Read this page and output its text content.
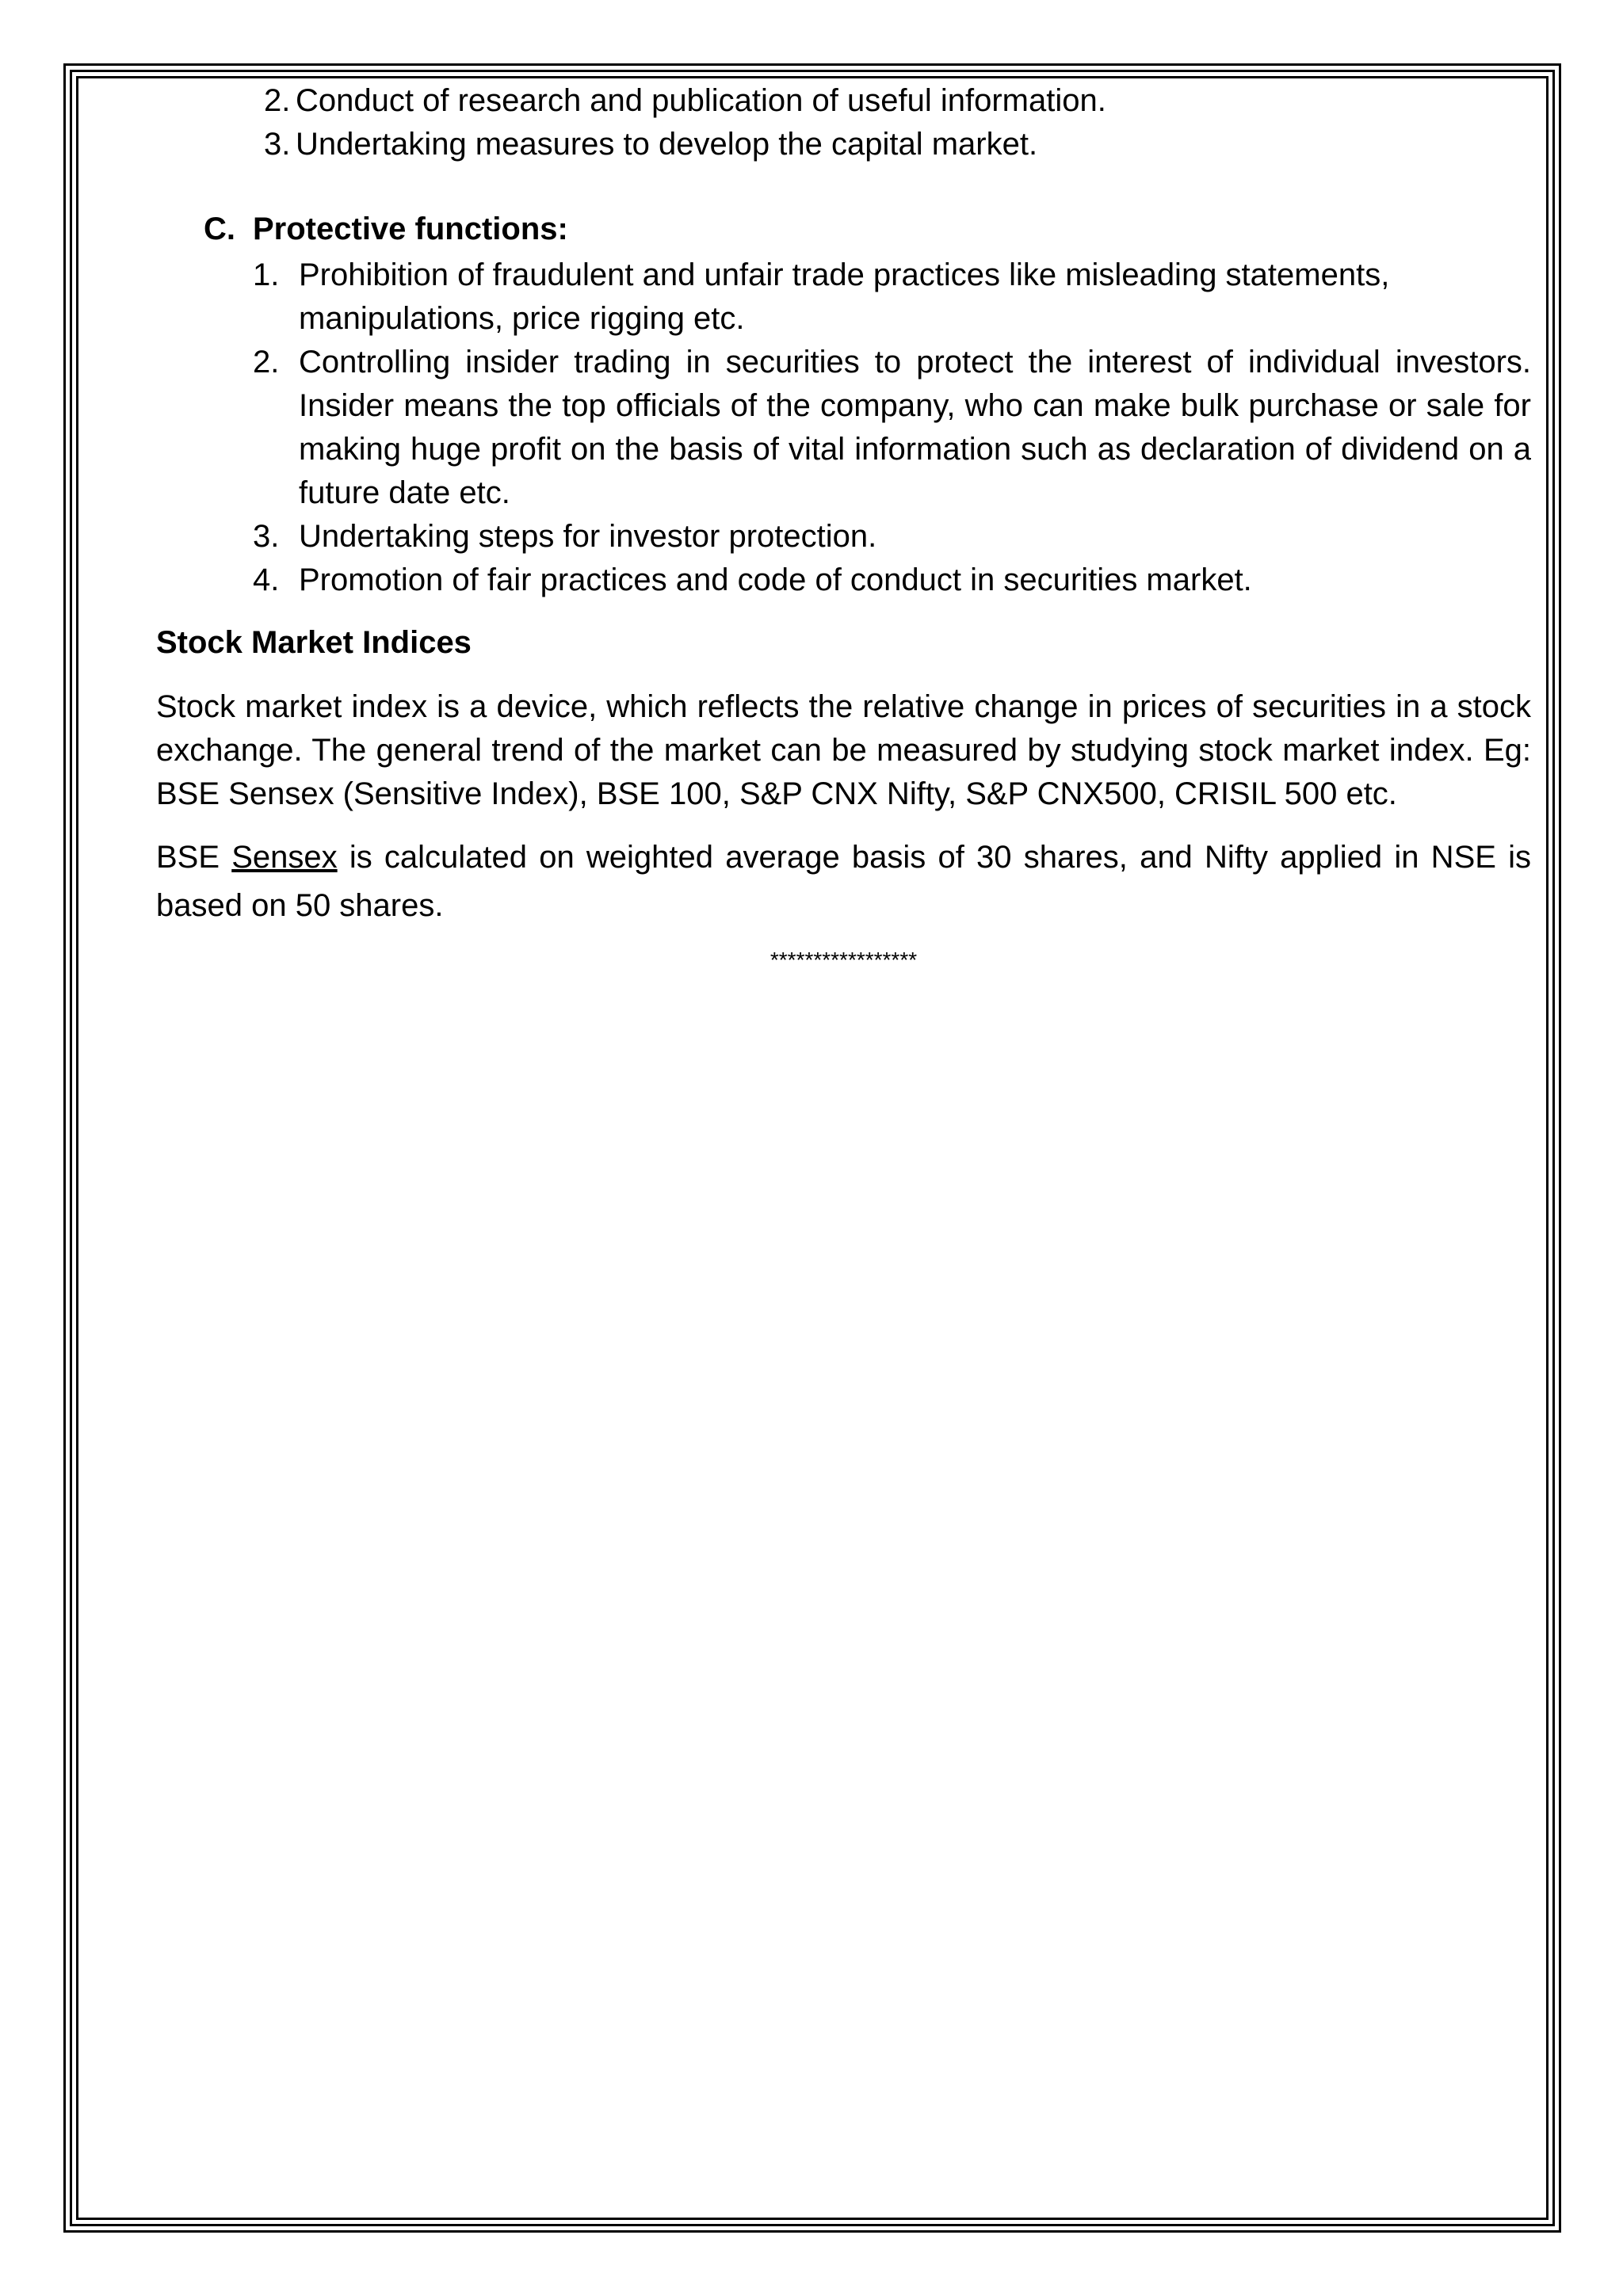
2. Conduct of research and publication of useful information.
3. Undertaking measures to develop the capital market.
C. Protective functions:
1. Prohibition of fraudulent and unfair trade practices like misleading statements, manipulations, price rigging etc.
2. Controlling insider trading in securities to protect the interest of individual investors. Insider means the top officials of the company, who can make bulk purchase or sale for making huge profit on the basis of vital information such as declaration of dividend on a future date etc.
3. Undertaking steps for investor protection.
4. Promotion of fair practices and code of conduct in securities market.
Stock Market Indices

Stock market index is a device, which reflects the relative change in prices of securities in a stock exchange. The general trend of the market can be measured by studying stock market index. Eg: BSE Sensex (Sensitive Index), BSE 100, S&P CNX Nifty, S&P CNX500, CRISIL 500 etc.

BSE Sensex is calculated on weighted average basis of 30 shares, and Nifty applied in NSE is based on 50 shares.

*****************
